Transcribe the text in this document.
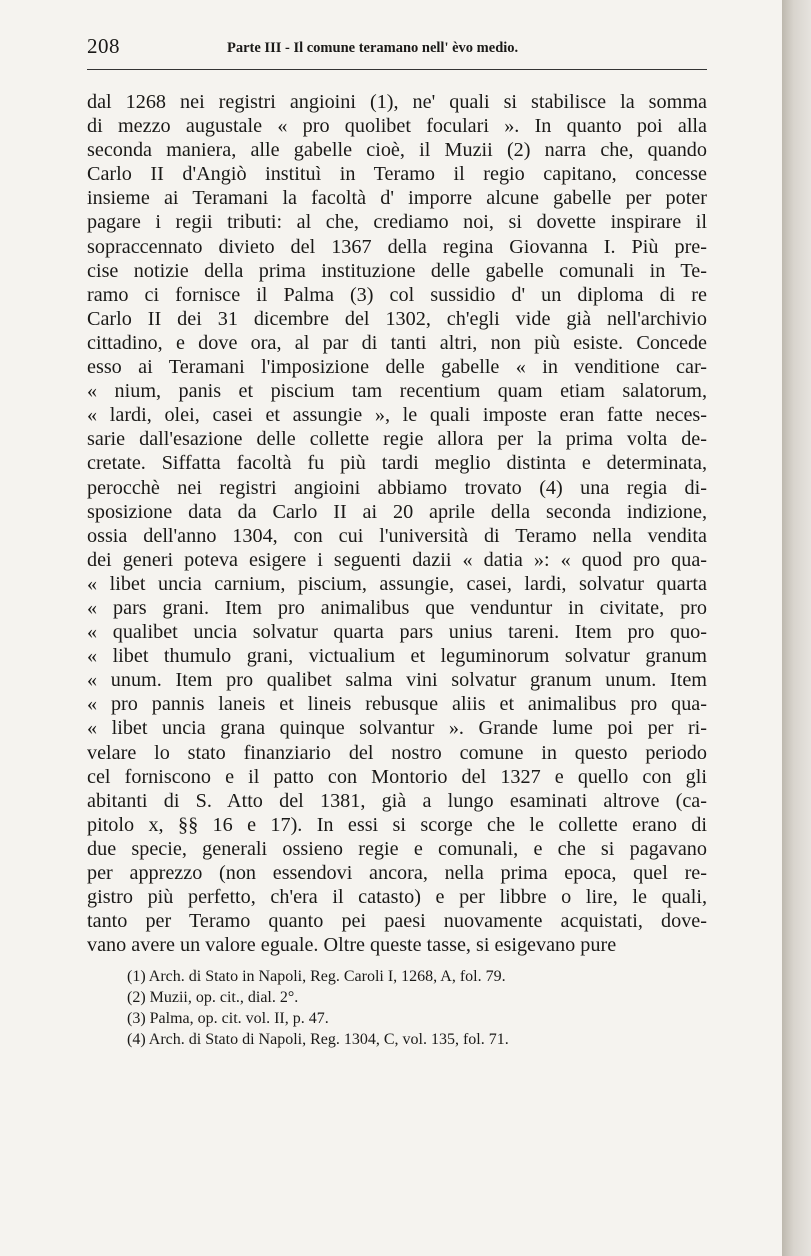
208	Parte III - Il comune teramano nell' èvo medio.
dal 1268 nei registri angioini (1), ne' quali si stabilisce la somma
di mezzo augustale « pro quolibet foculari ». In quanto poi alla
seconda maniera, alle gabelle cioè, il Muzii (2) narra che, quando
Carlo II d'Angiò instituì in Teramo il regio capitano, concesse
insieme ai Teramani la facoltà d' imporre alcune gabelle per poter
pagare i regii tributi: al che, crediamo noi, si dovette inspirare il
sopraccennato divieto del 1367 della regina Giovanna I. Più pre-
cise notizie della prima instituzione delle gabelle comunali in Te-
ramo ci fornisce il Palma (3) col sussidio d' un diploma di re
Carlo II dei 31 dicembre del 1302, ch'egli vide già nell'archivio
cittadino, e dove ora, al par di tanti altri, non più esiste. Concede
esso ai Teramani l'imposizione delle gabelle « in venditione car-
« nium, panis et piscium tam recentium quam etiam salatorum,
« lardi, olei, casei et assungie », le quali imposte eran fatte neces-
sarie dall'esazione delle collette regie allora per la prima volta de-
cretate. Siffatta facoltà fu più tardi meglio distinta e determinata,
perocchè nei registri angioini abbiamo trovato (4) una regia di-
sposizione data da Carlo II ai 20 aprile della seconda indizione,
ossia dell'anno 1304, con cui l'università di Teramo nella vendita
dei generi poteva esigere i seguenti dazii « datia »: « quod pro qua-
« libet uncia carnium, piscium, assungie, casei, lardi, solvatur quarta
« pars grani. Item pro animalibus que venduntur in civitate, pro
« qualibet uncia solvatur quarta pars unius tareni. Item pro quo-
« libet thumulo grani, victualium et leguminorum solvatur granum
« unum. Item pro qualibet salma vini solvatur granum unum. Item
« pro pannis laneis et lineis rebusque aliis et animalibus pro qua-
« libet uncia grana quinque solvantur ». Grande lume poi per ri-
velare lo stato finanziario del nostro comune in questo periodo
cel forniscono e il patto con Montorio del 1327 e quello con gli
abitanti di S. Atto del 1381, già a lungo esaminati altrove (ca-
pitolo x, §§ 16 e 17). In essi si scorge che le collette erano di
due specie, generali ossieno regie e comunali, e che si pagavano
per apprezzo (non essendovi ancora, nella prima epoca, quel re-
gistro più perfetto, ch'era il catasto) e per libbre o lire, le quali,
tanto per Teramo quanto pei paesi nuovamente acquistati, dove-
vano avere un valore eguale. Oltre queste tasse, si esigevano pure
(1) Arch. di Stato in Napoli, Reg. Caroli I, 1268, A, fol. 79.
(2) Muzii, op. cit., dial. 2°.
(3) Palma, op. cit. vol. II, p. 47.
(4) Arch. di Stato di Napoli, Reg. 1304, C, vol. 135, fol. 71.
